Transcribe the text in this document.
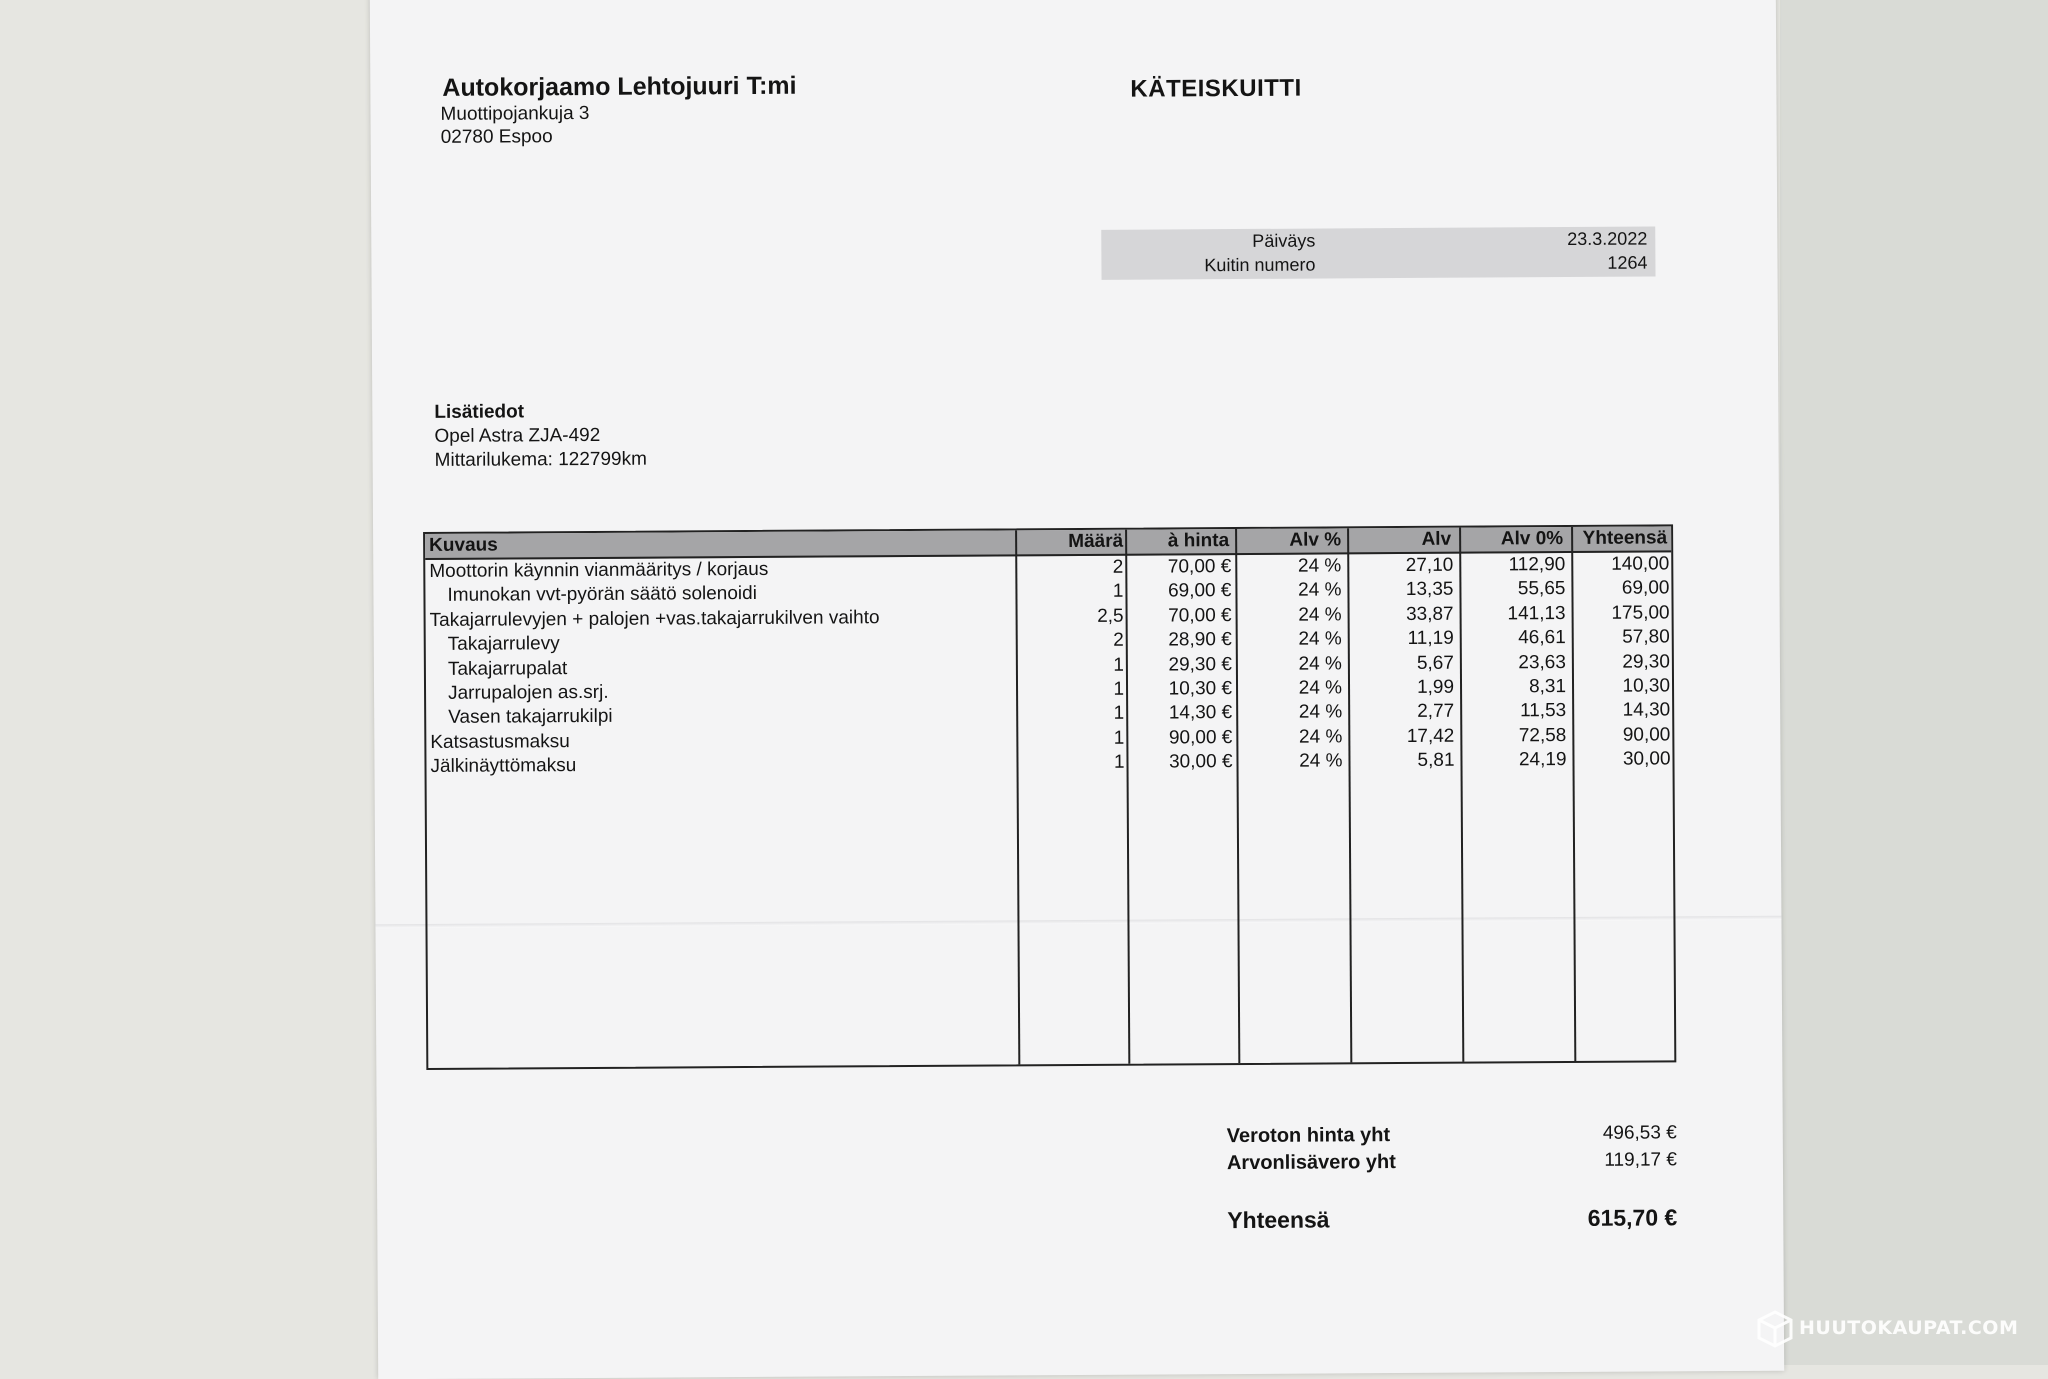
Autokorjaamo Lehtojuuri T:mi
Muottipojankuja 3
02780 Espoo
KÄTEISKUITTI
Päiväys	23.3.2022
Kuitin numero	1264
Lisätiedot
Opel Astra ZJA-492
Mittarilukema: 122799km
Kuvaus	Määrä	à hinta	Alv %	Alv	Alv 0%	Yhteensä
Moottorin käynnin vianmääritys / korjaus	2	70,00 €	24 %	27,10	112,90	140,00
Imunokan vvt-pyörän säätö solenoidi	1	69,00 €	24 %	13,35	55,65	69,00
Takajarrulevyjen + palojen +vas.takajarrukilven vaihto	2,5	70,00 €	24 %	33,87	141,13	175,00
Takajarrulevy	2	28,90 €	24 %	11,19	46,61	57,80
Takajarrupalat	1	29,30 €	24 %	5,67	23,63	29,30
Jarrupalojen as.srj.	1	10,30 €	24 %	1,99	8,31	10,30
Vasen takajarrukilpi	1	14,30 €	24 %	2,77	11,53	14,30
Katsastusmaksu	1	90,00 €	24 %	17,42	72,58	90,00
Jälkinäyttömaksu	1	30,00 €	24 %	5,81	24,19	30,00
Veroton hinta yht	496,53 €
Arvonlisävero yht	119,17 €
Yhteensä	615,70 €
HUUTOKAUPAT.COM
